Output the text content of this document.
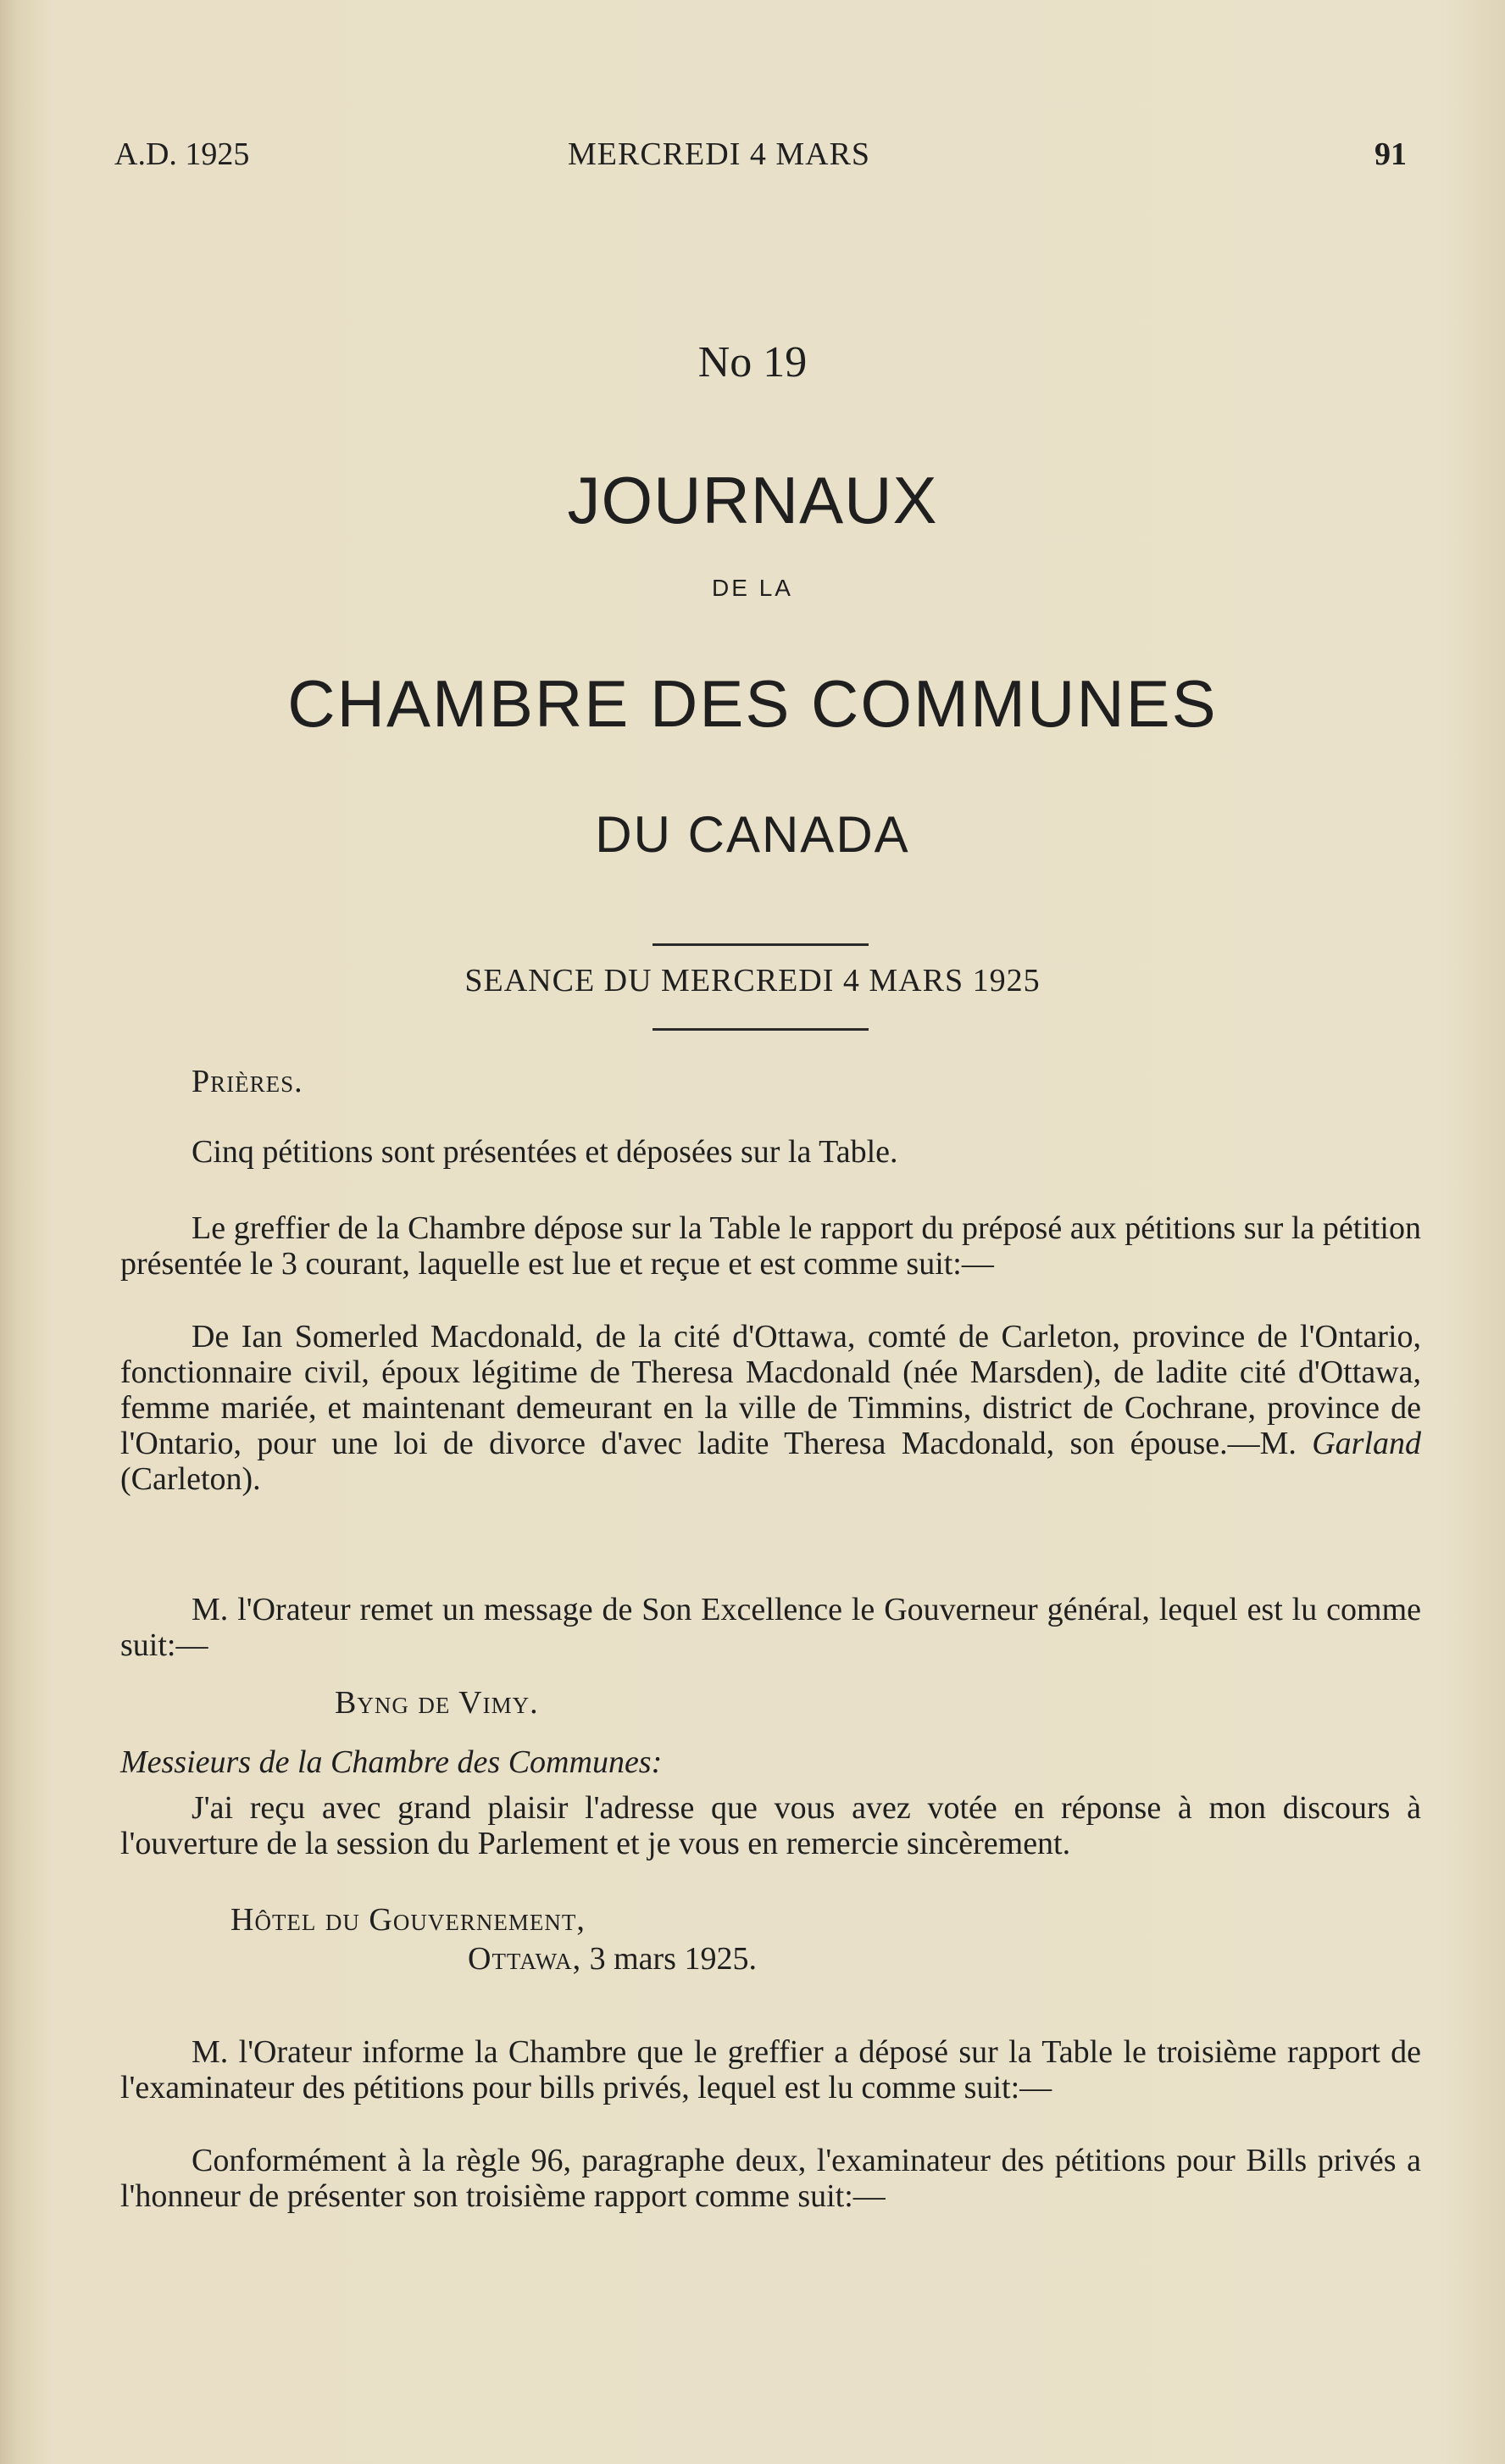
A.D. 1925	MERCREDI 4 MARS	91
No 19
JOURNAUX
DE LA
CHAMBRE DES COMMUNES
DU CANADA
SEANCE DU MERCREDI 4 MARS 1925

Prières.

Cinq pétitions sont présentées et déposées sur la Table.

Le greffier de la Chambre dépose sur la Table le rapport du préposé aux pétitions sur la pétition présentée le 3 courant, laquelle est lue et reçue et est comme suit:—

De Ian Somerled Macdonald, de la cité d'Ottawa, comté de Carleton, province de l'Ontario, fonctionnaire civil, époux légitime de Theresa Macdonald (née Marsden), de ladite cité d'Ottawa, femme mariée, et maintenant demeurant en la ville de Timmins, district de Cochrane, province de l'Ontario, pour une loi de divorce d'avec ladite Theresa Macdonald, son épouse.—M. Garland (Carleton).

M. l'Orateur remet un message de Son Excellence le Gouverneur général, lequel est lu comme suit:—

Byng de Vimy.
Messieurs de la Chambre des Communes:

J'ai reçu avec grand plaisir l'adresse que vous avez votée en réponse à mon discours à l'ouverture de la session du Parlement et je vous en remercie sincèrement.

Hôtel du Gouvernement,
Ottawa, 3 mars 1925.

M. l'Orateur informe la Chambre que le greffier a déposé sur la Table le troisième rapport de l'examinateur des pétitions pour bills privés, lequel est lu comme suit:—

Conformément à la règle 96, paragraphe deux, l'examinateur des pétitions pour Bills privés a l'honneur de présenter son troisième rapport comme suit:—
